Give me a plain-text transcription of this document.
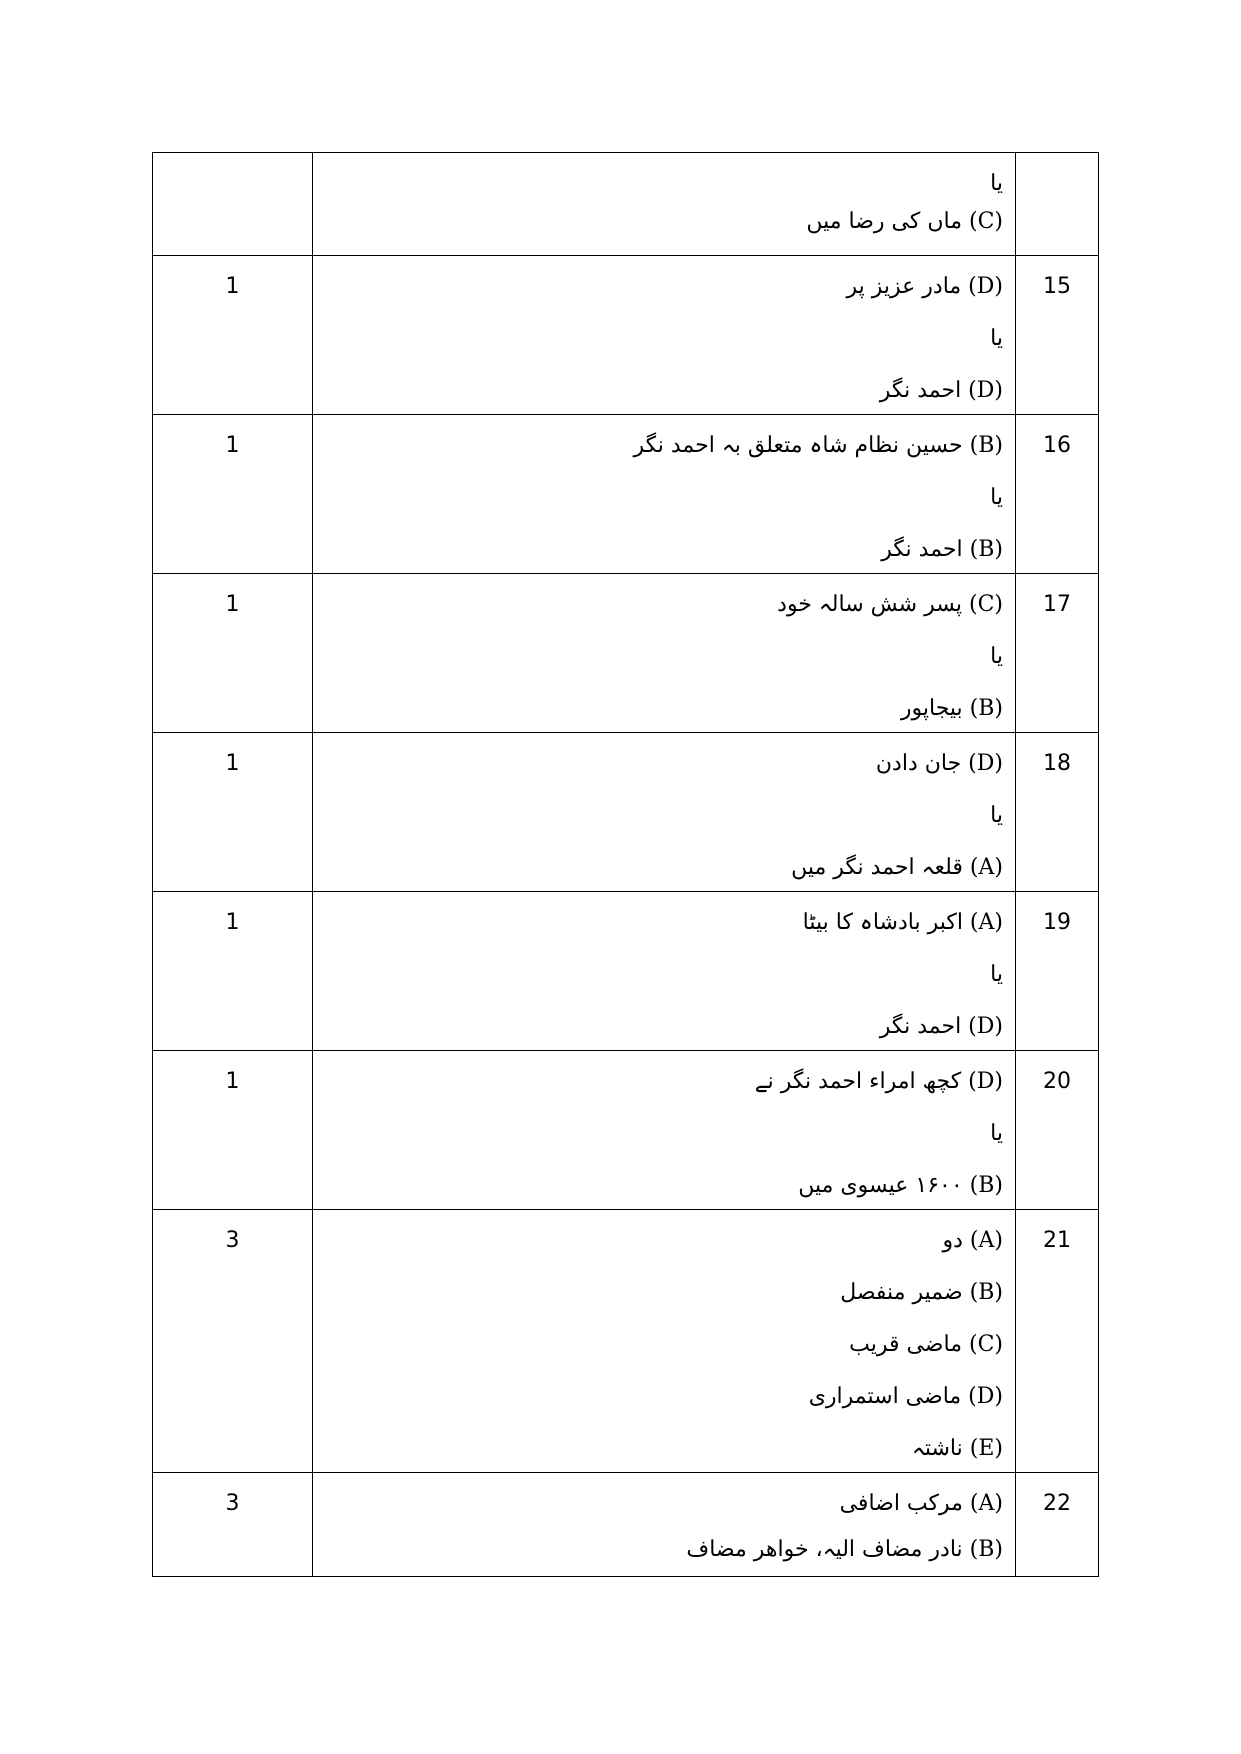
	یا
(C) ماں کی رضا میں	

1	(D) مادر عزیز پر
یا
(D) احمد نگر	15
1	(B) حسین نظام شاہ متعلق بہ احمد نگر
یا
(B) احمد نگر	16
1	(C) پسر شش سالہ خود
یا
(B) بیجاپور	17
1	(D) جان دادن
یا
(A) قلعہ احمد نگر میں	18
1	(A) اکبر بادشاہ کا بیٹا
یا
(D) احمد نگر	19
1	(D) کچھ امراء احمد نگر نے
یا
(B) ۱۶۰۰ عیسوی میں	20
3	(A) دو
(B) ضمیر منفصل
(C) ماضی قریب
(D) ماضی استمراری
(E) ناشتہ	21
3	(A) مرکب اضافی
(B) نادر مضاف الیہ، خواھر مضاف	22
